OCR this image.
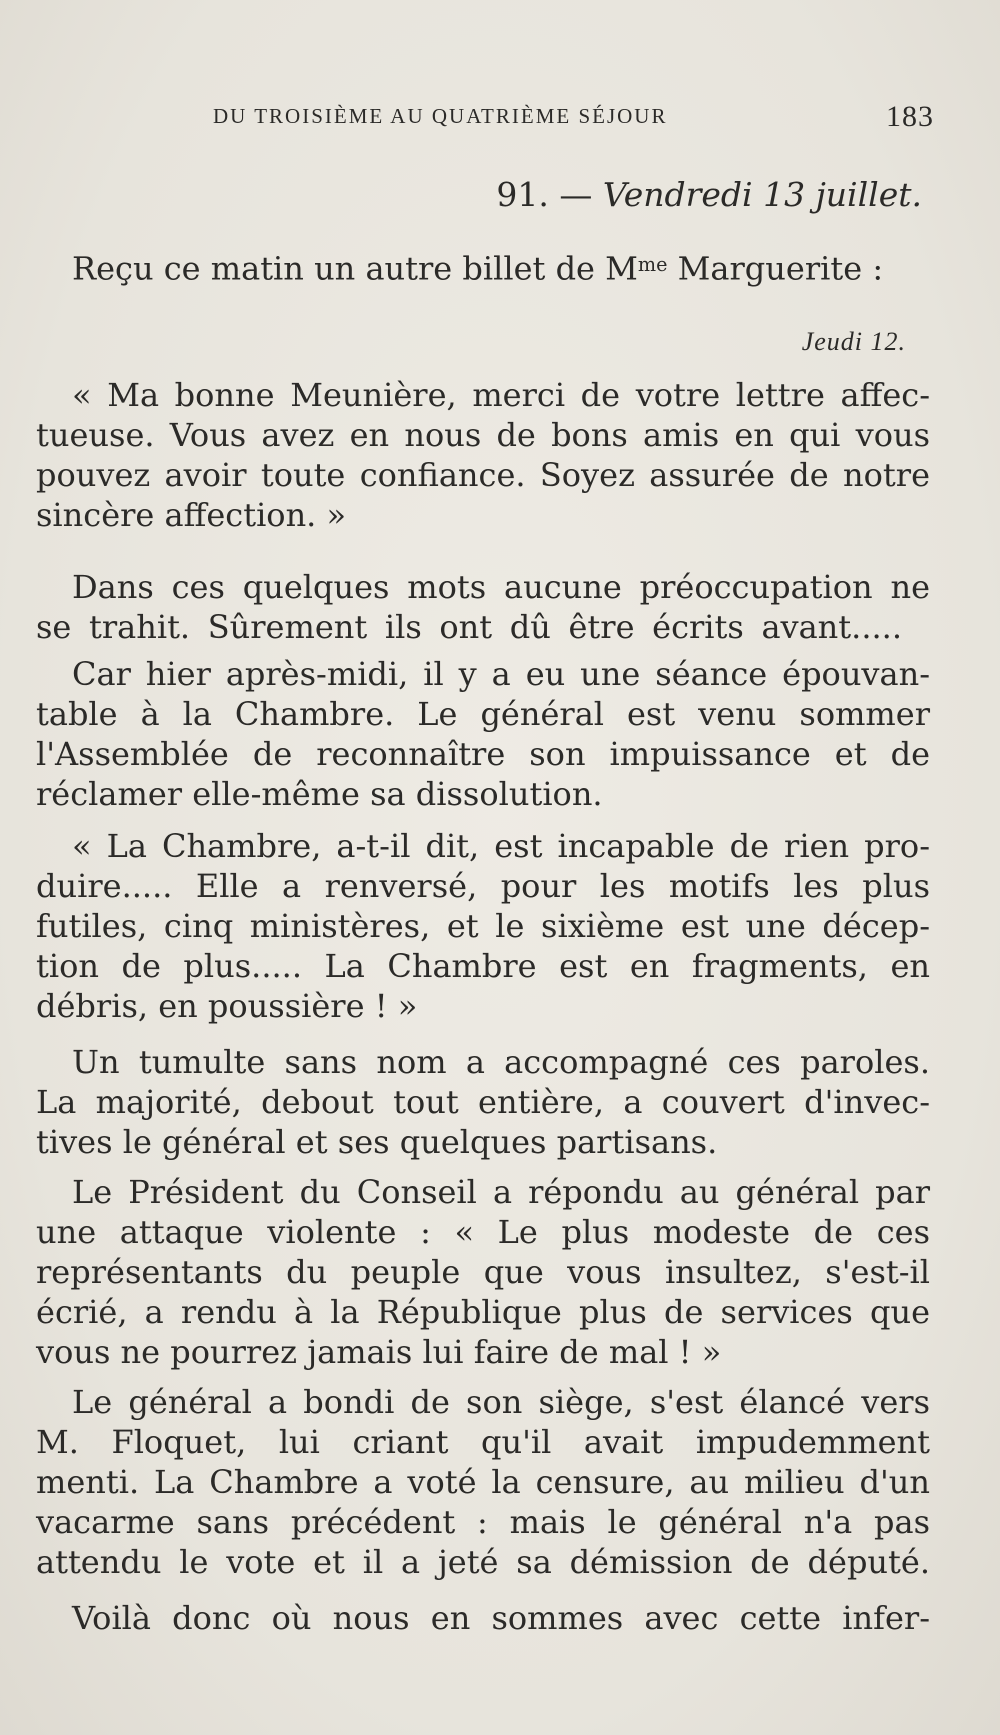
DU TROISIÈME AU QUATRIÈME SÉJOUR	183
91. — Vendredi 13 juillet.
Reçu ce matin un autre billet de $M^{me}$ Marguerite :
Jeudi 12.
« Ma bonne Meunière, merci de votre lettre affec-
tueuse. Vous avez en nous de bons amis en qui vous
pouvez avoir toute confiance. Soyez assurée de notre
sincère affection. »
Dans ces quelques mots aucune préoccupation ne
se trahit. Sûrement ils ont dû être écrits avant.....
Car hier après-midi, il y a eu une séance épouvan-
table à la Chambre. Le général est venu sommer
l'Assemblée de reconnaître son impuissance et de
réclamer elle-même sa dissolution.
« La Chambre, a-t-il dit, est incapable de rien pro-
duire..... Elle a renversé, pour les motifs les plus
futiles, cinq ministères, et le sixième est une décep-
tion de plus..... La Chambre est en fragments, en
débris, en poussière ! »
Un tumulte sans nom a accompagné ces paroles.
La majorité, debout tout entière, a couvert d'invec-
tives le général et ses quelques partisans.
Le Président du Conseil a répondu au général par
une attaque violente : « Le plus modeste de ces
représentants du peuple que vous insultez, s'est-il
écrié, a rendu à la République plus de services que
vous ne pourrez jamais lui faire de mal ! »
Le général a bondi de son siège, s'est élancé vers
M. Floquet, lui criant qu'il avait impudemment
menti. La Chambre a voté la censure, au milieu d'un
vacarme sans précédent : mais le général n'a pas
attendu le vote et il a jeté sa démission de député.
Voilà donc où nous en sommes avec cette infer-
